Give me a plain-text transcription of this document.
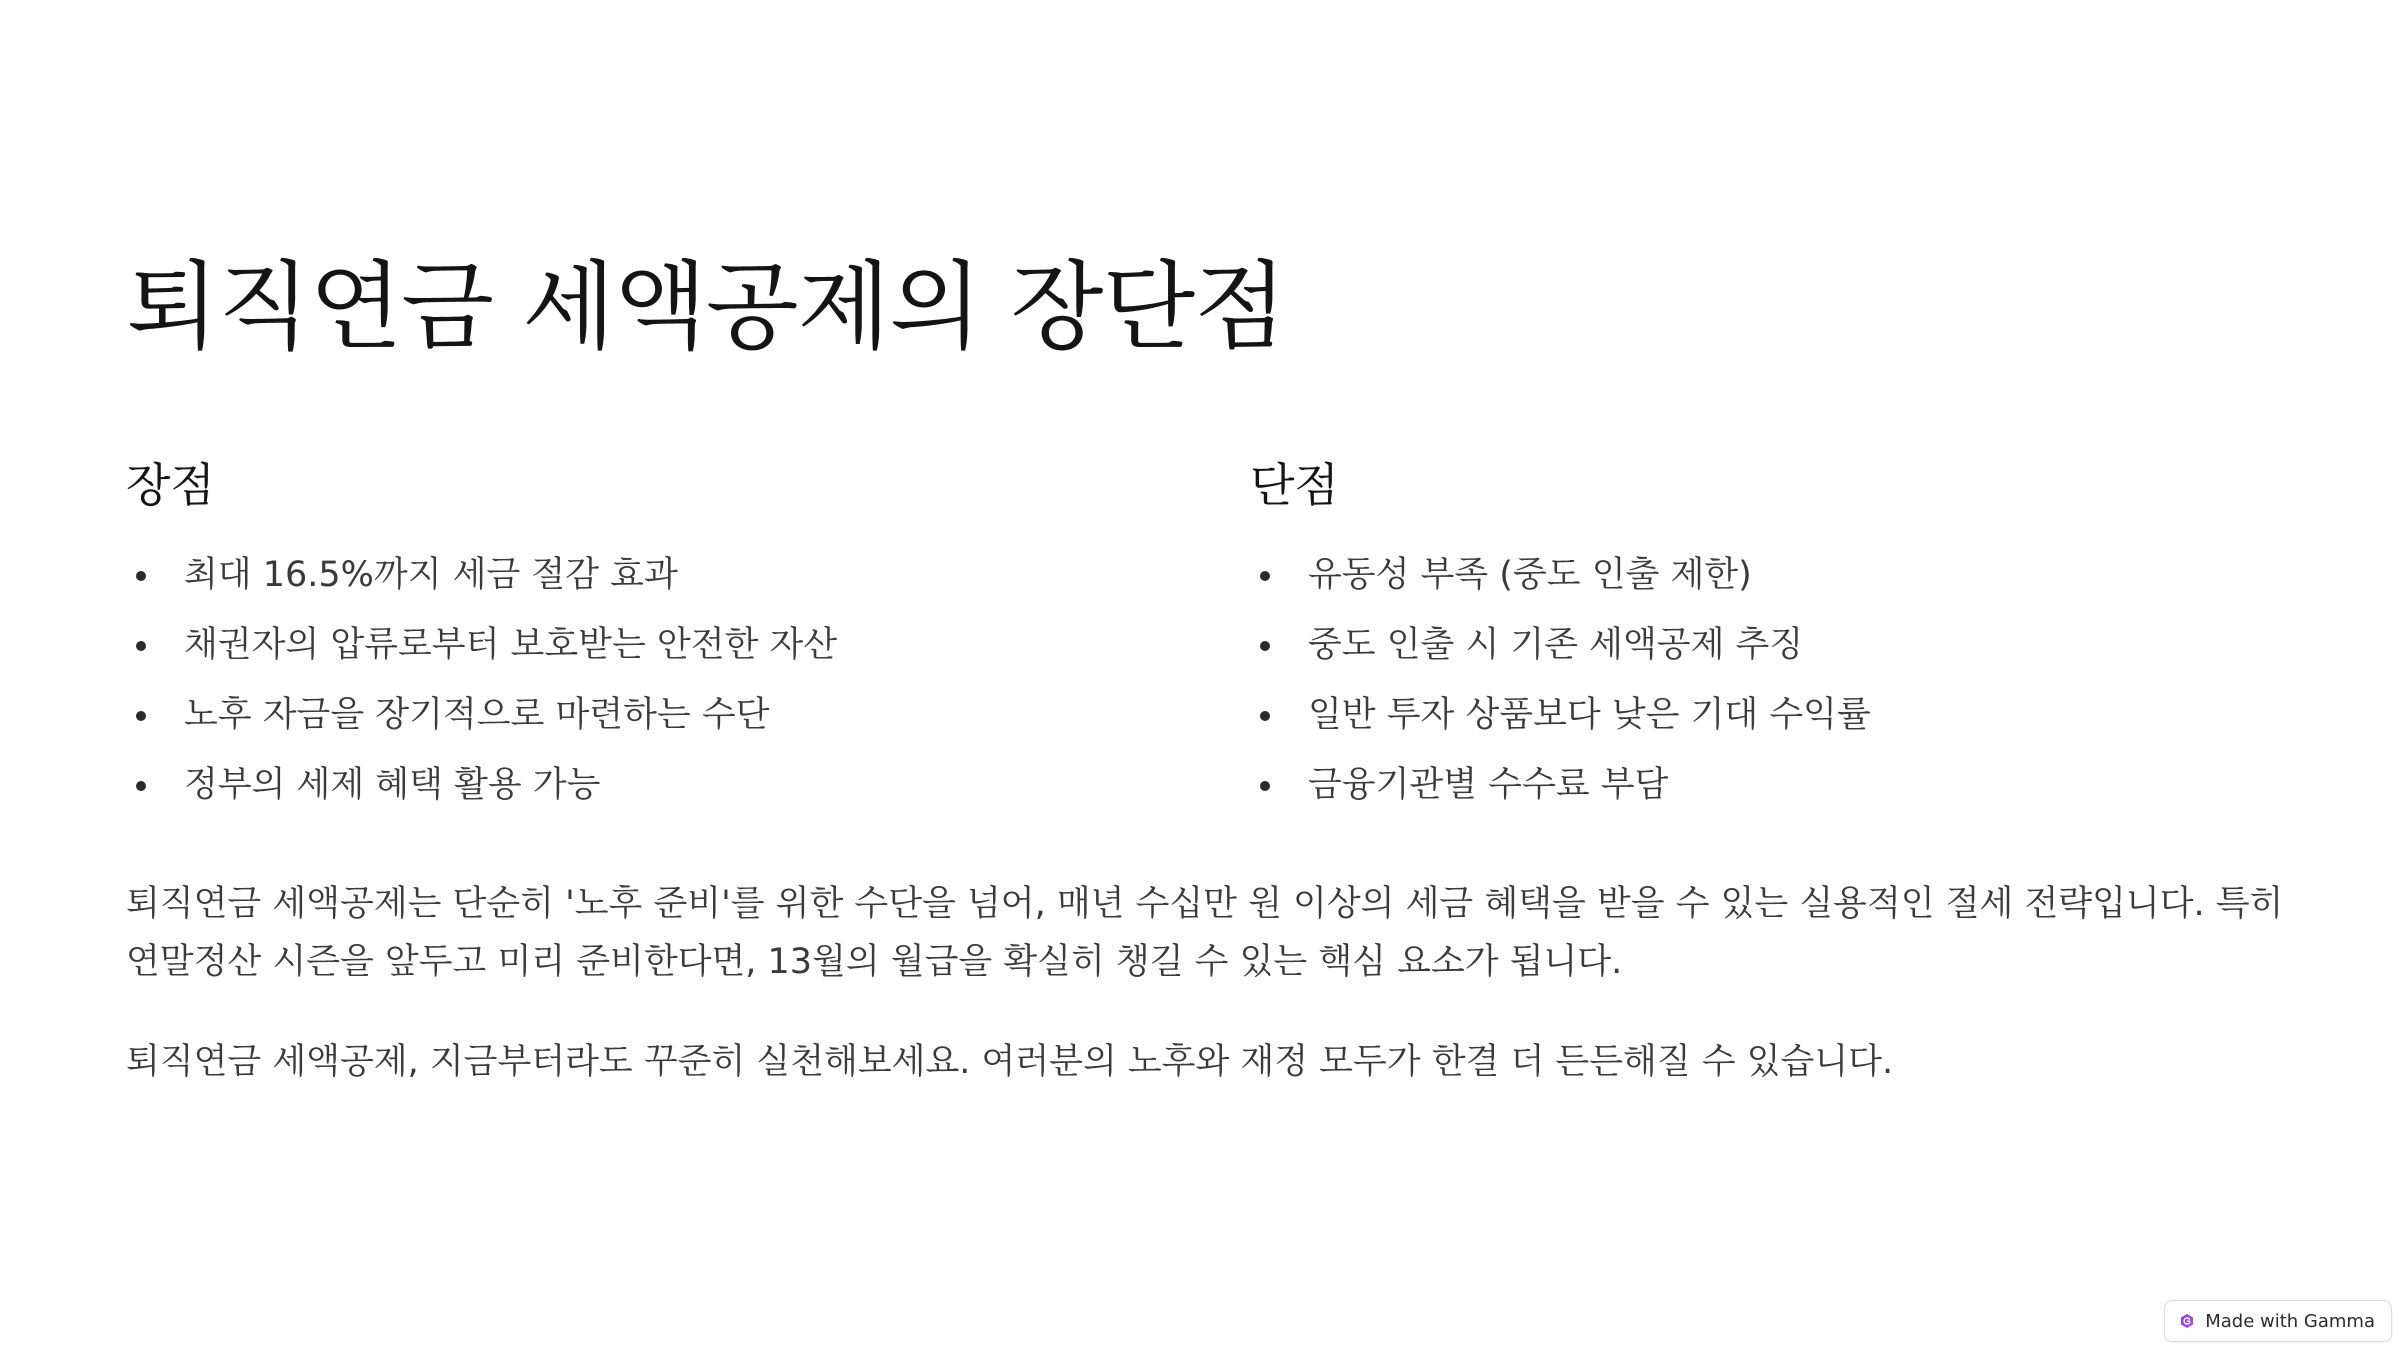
퇴직연금 세액공제의 장단점
장점
최대 16.5%까지 세금 절감 효과
채권자의 압류로부터 보호받는 안전한 자산
노후 자금을 장기적으로 마련하는 수단
정부의 세제 혜택 활용 가능
단점
유동성 부족 (중도 인출 제한)
중도 인출 시 기존 세액공제 추징
일반 투자 상품보다 낮은 기대 수익률
금융기관별 수수료 부담

퇴직연금 세액공제는 단순히 '노후 준비'를 위한 수단을 넘어, 매년 수십만 원 이상의 세금 혜택을 받을 수 있는 실용적인 절세 전략입니다. 특히 연말정산 시즌을 앞두고 미리 준비한다면, 13월의 월급을 확실히 챙길 수 있는 핵심 요소가 됩니다.

퇴직연금 세액공제, 지금부터라도 꾸준히 실천해보세요. 여러분의 노후와 재정 모두가 한결 더 든든해질 수 있습니다.

Made with Gamma
